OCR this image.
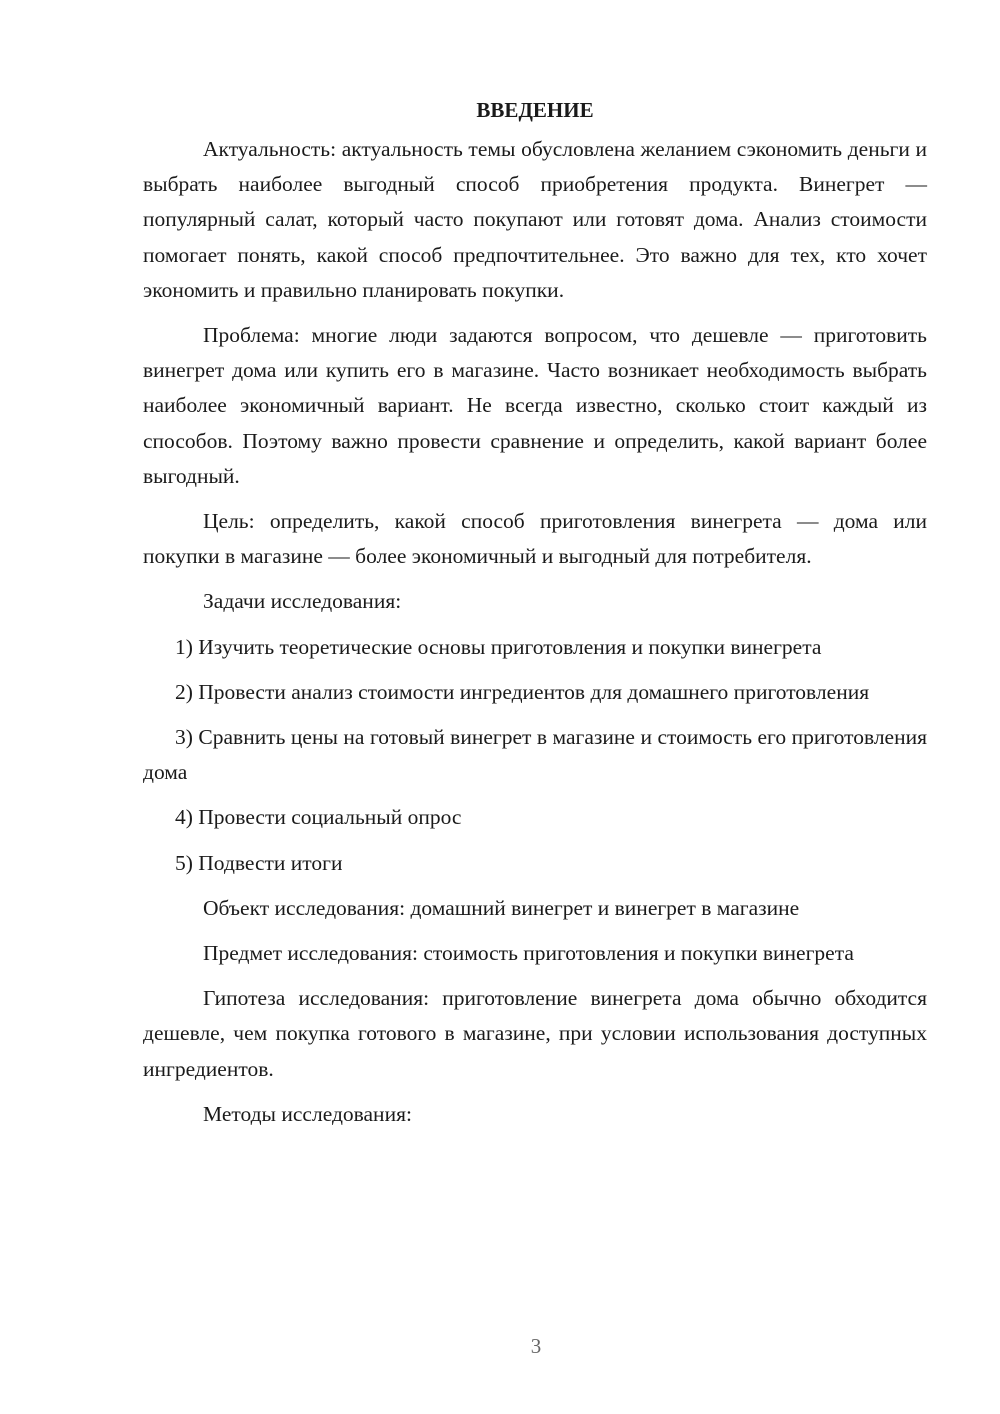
ВВЕДЕНИЕ

Актуальность: актуальность темы обусловлена желанием сэкономить деньги и выбрать наиболее выгодный способ приобретения продукта. Винегрет — популярный салат, который часто покупают или готовят дома. Анализ стоимости помогает понять, какой способ предпочтительнее. Это важно для тех, кто хочет экономить и правильно планировать покупки.

Проблема: многие люди задаются вопросом, что дешевле — приготовить винегрет дома или купить его в магазине. Часто возникает необходимость выбрать наиболее экономичный вариант. Не всегда известно, сколько стоит каждый из способов. Поэтому важно провести сравнение и определить, какой вариант более выгодный.

Цель: определить, какой способ приготовления винегрета — дома или покупки в магазине — более экономичный и выгодный для потребителя.

Задачи исследования:

1) Изучить теоретические основы приготовления и покупки винегрета

2) Провести анализ стоимости ингредиентов для домашнего приготовления

3) Сравнить цены на готовый винегрет в магазине и стоимость его приготовления дома

4) Провести социальный опрос

5) Подвести итоги

Объект исследования: домашний винегрет и винегрет в магазине

Предмет исследования: стоимость приготовления и покупки винегрета

Гипотеза исследования: приготовление винегрета дома обычно обходится дешевле, чем покупка готового в магазине, при условии использования доступных ингредиентов.

Методы исследования:

3
